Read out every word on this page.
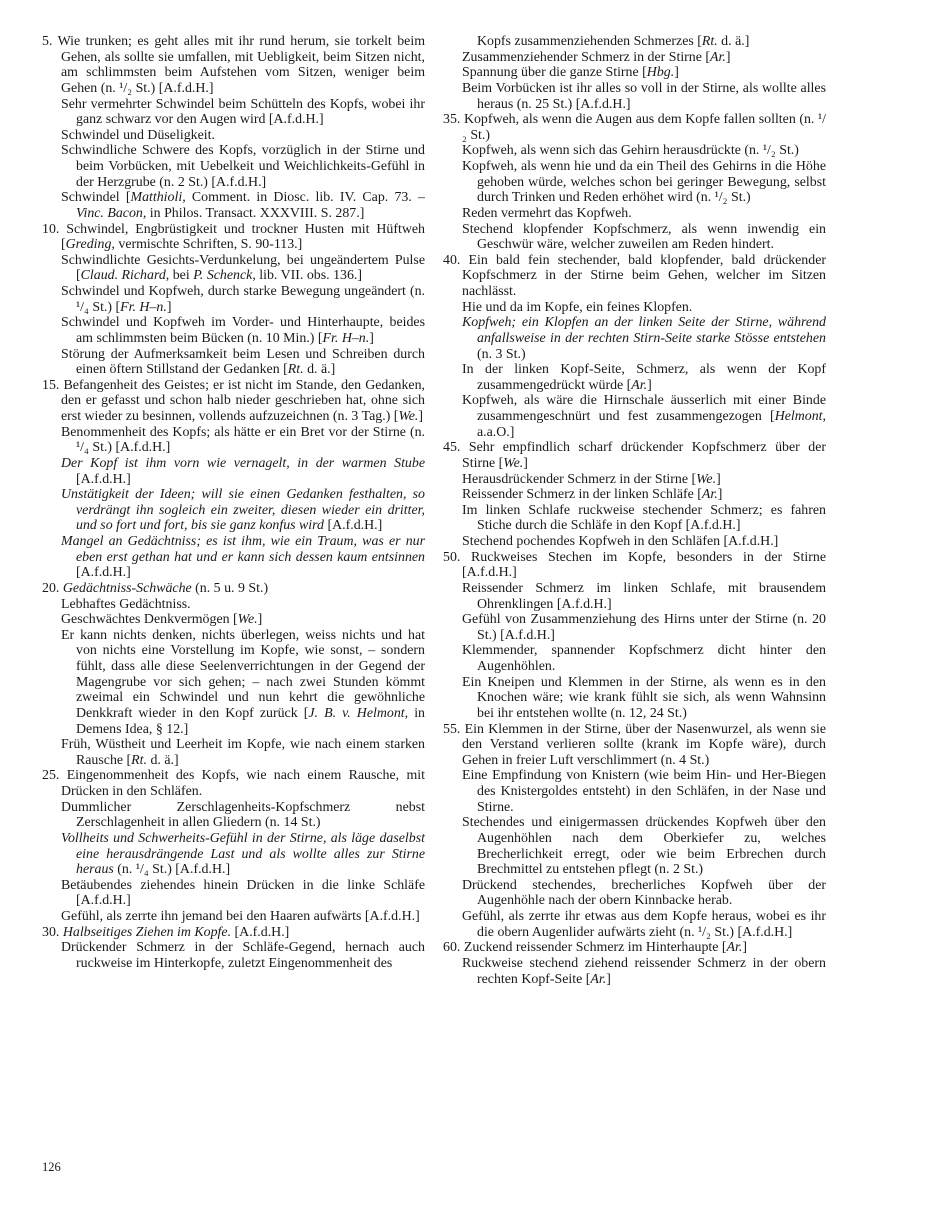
5. Wie trunken; es geht alles mit ihr rund herum, sie torkelt beim Gehen, als sollte sie umfallen, mit Uebligkeit, beim Sitzen nicht, am schlimmsten beim Aufstehen vom Sitzen, weniger beim Gehen (n. ¹/₂ St.) [A.f.d.H.]

Sehr vermehrter Schwindel beim Schütteln des Kopfs, wobei ihr ganz schwarz vor den Augen wird [A.f.d.H.]

Schwindel und Düseligkeit.

Schwindliche Schwere des Kopfs, vorzüglich in der Stirne und beim Vorbücken, mit Uebelkeit und Weichlichkeits-Gefühl in der Herzgrube (n. 2 St.) [A.f.d.H.]

Schwindel [Matthioli, Comment. in Diosc. lib. IV. Cap. 73. – Vinc. Bacon, in Philos. Transact. XXXVIII. S. 287.]

10. Schwindel, Engbrüstigkeit und trockner Husten mit Hüftweh [Greding, vermischte Schriften, S. 90-113.]

Schwindlichte Gesichts-Verdunkelung, bei ungeändertem Pulse [Claud. Richard, bei P. Schenck, lib. VII. obs. 136.]

Schwindel und Kopfweh, durch starke Bewegung ungeändert (n. ¹/₄ St.) [Fr. H–n.]

Schwindel und Kopfweh im Vorder- und Hinterhaupte, beides am schlimmsten beim Bücken (n. 10 Min.) [Fr. H–n.]

Störung der Aufmerksamkeit beim Lesen und Schreiben durch einen öftern Stillstand der Gedanken [Rt. d. ä.]

15. Befangenheit des Geistes; er ist nicht im Stande, den Gedanken, den er gefasst und schon halb nieder geschrieben hat, ohne sich erst wieder zu besinnen, vollends aufzuzeichnen (n. 3 Tag.) [We.]

Benommenheit des Kopfs; als hätte er ein Bret vor der Stirne (n. ¹/₄ St.) [A.f.d.H.]

Der Kopf ist ihm vorn wie vernagelt, in der warmen Stube [A.f.d.H.]

Unstätigkeit der Ideen; will sie einen Gedanken festhalten, so verdrängt ihn sogleich ein zweiter, diesen wieder ein dritter, und so fort und fort, bis sie ganz konfus wird [A.f.d.H.]

Mangel an Gedächtniss; es ist ihm, wie ein Traum, was er nur eben erst gethan hat und er kann sich dessen kaum entsinnen [A.f.d.H.]

20. Gedächtniss-Schwäche (n. 5 u. 9 St.)

Lebhaftes Gedächtniss.

Geschwächtes Denkvermögen [We.]

Er kann nichts denken, nichts überlegen, weiss nichts und hat von nichts eine Vorstellung im Kopfe, wie sonst, – sondern fühlt, dass alle diese Seelenverrichtungen in der Gegend der Magengrube vor sich gehen; – nach zwei Stunden kömmt zweimal ein Schwindel und nun kehrt die gewöhnliche Denkkraft wieder in den Kopf zurück [J. B. v. Helmont, in Demens Idea, § 12.]

Früh, Wüstheit und Leerheit im Kopfe, wie nach einem starken Rausche [Rt. d. ä.]

25. Eingenommenheit des Kopfs, wie nach einem Rausche, mit Drücken in den Schläfen.

Dummlicher Zerschlagenheits-Kopfschmerz nebst Zerschlagenheit in allen Gliedern (n. 14 St.)

Vollheits und Schwerheits-Gefühl in der Stirne, als läge daselbst eine herausdrängende Last und als wollte alles zur Stirne heraus (n. ¹/₄ St.) [A.f.d.H.]

Betäubendes ziehendes hinein Drücken in die linke Schläfe [A.f.d.H.]

Gefühl, als zerrte ihn jemand bei den Haaren aufwärts [A.f.d.H.]

30. Halbseitiges Ziehen im Kopfe. [A.f.d.H.]

Drückender Schmerz in der Schläfe-Gegend, hernach auch ruckweise im Hinterkopfe, zuletzt Eingenommenheit des

Kopfs zusammenziehenden Schmerzes [Rt. d. ä.]

Zusammenziehender Schmerz in der Stirne [Ar.]

Spannung über die ganze Stirne [Hbg.]

Beim Vorbücken ist ihr alles so voll in der Stirne, als wollte alles heraus (n. 25 St.) [A.f.d.H.]

35. Kopfweh, als wenn die Augen aus dem Kopfe fallen sollten (n. ¹/₂ St.)

Kopfweh, als wenn sich das Gehirn herausdrückte (n. ¹/₂ St.)

Kopfweh, als wenn hie und da ein Theil des Gehirns in die Höhe gehoben würde, welches schon bei geringer Bewegung, selbst durch Trinken und Reden erhöhet wird (n. ¹/₂ St.)

Reden vermehrt das Kopfweh.

Stechend klopfender Kopfschmerz, als wenn inwendig ein Geschwür wäre, welcher zuweilen am Reden hindert.

40. Ein bald fein stechender, bald klopfender, bald drückender Kopfschmerz in der Stirne beim Gehen, welcher im Sitzen nachlässt.

Hie und da im Kopfe, ein feines Klopfen.

Kopfweh; ein Klopfen an der linken Seite der Stirne, während anfallsweise in der rechten Stirn-Seite starke Stösse entstehen (n. 3 St.)

In der linken Kopf-Seite, Schmerz, als wenn der Kopf zusammengedrückt würde [Ar.]

Kopfweh, als wäre die Hirnschale äusserlich mit einer Binde zusammengeschnürt und fest zusammengezogen [Helmont, a.a.O.]

45. Sehr empfindlich scharf drückender Kopfschmerz über der Stirne [We.]

Herausdrückender Schmerz in der Stirne [We.]

Reissender Schmerz in der linken Schläfe [Ar.]

Im linken Schlafe ruckweise stechender Schmerz; es fahren Stiche durch die Schläfe in den Kopf [A.f.d.H.]

Stechend pochendes Kopfweh in den Schläfen [A.f.d.H.]

50. Ruckweises Stechen im Kopfe, besonders in der Stirne [A.f.d.H.]

Reissender Schmerz im linken Schlafe, mit brausendem Ohrenklingen [A.f.d.H.]

Gefühl von Zusammenziehung des Hirns unter der Stirne (n. 20 St.) [A.f.d.H.]

Klemmender, spannender Kopfschmerz dicht hinter den Augenhöhlen.

Ein Kneipen und Klemmen in der Stirne, als wenn es in den Knochen wäre; wie krank fühlt sie sich, als wenn Wahnsinn bei ihr entstehen wollte (n. 12, 24 St.)

55. Ein Klemmen in der Stirne, über der Nasenwurzel, als wenn sie den Verstand verlieren sollte (krank im Kopfe wäre), durch Gehen in freier Luft verschlimmert (n. 4 St.)

Eine Empfindung von Knistern (wie beim Hin- und Her-Biegen des Knistergoldes entsteht) in den Schläfen, in der Nase und Stirne.

Stechendes und einigermassen drückendes Kopfweh über den Augenhöhlen nach dem Oberkiefer zu, welches Brecherlichkeit erregt, oder wie beim Erbrechen durch Brechmittel zu entstehen pflegt (n. 2 St.)

Drückend stechendes, brecherliches Kopfweh über der Augenhöhle nach der obern Kinnbacke herab.

Gefühl, als zerrte ihr etwas aus dem Kopfe heraus, wobei es ihr die obern Augenlider aufwärts zieht (n. ¹/₂ St.) [A.f.d.H.]

60. Zuckend reissender Schmerz im Hinterhaupte [Ar.]

Ruckweise stechend ziehend reissender Schmerz in der obern rechten Kopf-Seite [Ar.]

126
